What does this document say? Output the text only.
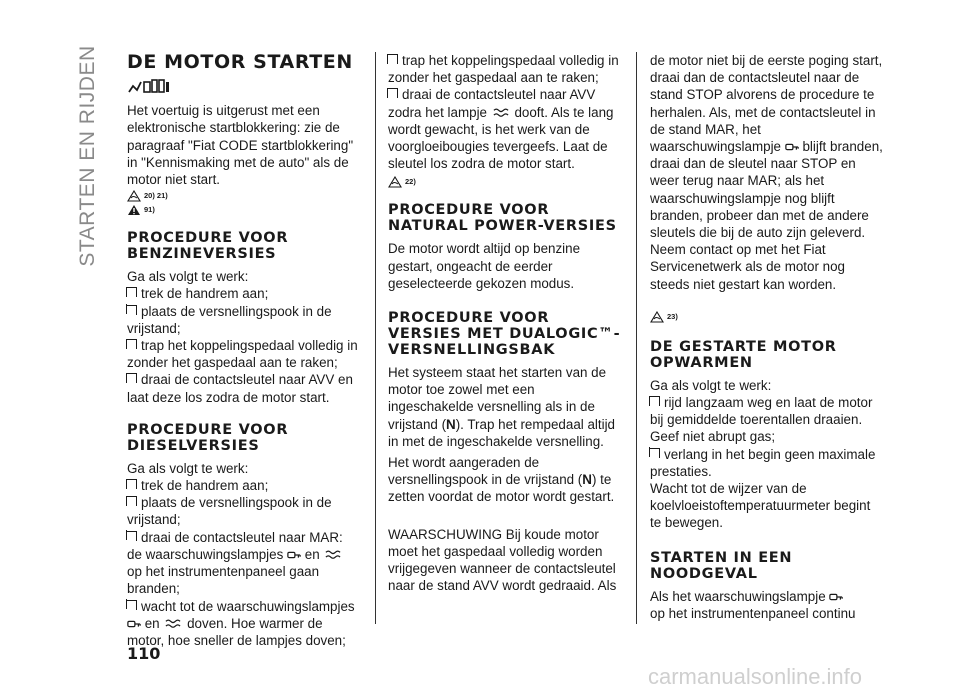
STARTEN EN RIJDEN DE MOTOR STARTEN

Het voertuig is uitgerust met een elektronische startblokkering: zie de paragraaf "Fiat CODE startblokkering" in "Kennismaking met de auto" als de motor niet start.

20) 21)
91)
PROCEDURE VOOR BENZINEVERSIES

Ga als volgt te werk:

trek de handrem aan;

plaats de versnellingspook in de vrijstand;

trap het koppelingspedaal volledig in zonder het gaspedaal aan te raken;

draai de contactsleutel naar AVV en laat deze los zodra de motor start.

PROCEDURE VOOR DIESELVERSIES

Ga als volgt te werk:

trek de handrem aan;

plaats de versnellingspook in de vrijstand;

draai de contactsleutel naar MAR: de waarschuwingslampjes en  op het instrumentenpaneel gaan branden;

wacht tot de waarschuwingslampjes
en doven. Hoe warmer de motor, hoe sneller de lampjes doven;

trap het koppelingspedaal volledig in zonder het gaspedaal aan te raken;

draai de contactsleutel naar AVV zodra het lampje dooft. Als te lang wordt gewacht, is het werk van de voorgloeibougies tevergeefs. Laat de sleutel los zodra de motor start.

22)
PROCEDURE VOOR NATURAL POWER-VERSIES

De motor wordt altijd op benzine gestart, ongeacht de eerder geselecteerde gekozen modus.

PROCEDURE VOOR VERSIES MET DUALOGIC™-VERSNELLINGSBAK

Het systeem staat het starten van de motor toe zowel met een ingeschakelde versnelling als in de vrijstand (N). Trap het rempedaal altijd in met de ingeschakelde versnelling.

Het wordt aangeraden de versnellingspook in de vrijstand (N) te zetten voordat de motor wordt gestart.

WAARSCHUWING Bij koude motor moet het gaspedaal volledig worden vrijgegeven wanneer de contactsleutel naar de stand AVV wordt gedraaid. Als

de motor niet bij de eerste poging start, draai dan de contactsleutel naar de stand STOP alvorens de procedure te herhalen. Als, met de contactsleutel in de stand MAR, het waarschuwingslampje blijft branden, draai dan de sleutel naar STOP en weer terug naar MAR; als het waarschuwingslampje nog blijft branden, probeer dan met de andere sleutels die bij de auto zijn geleverd. Neem contact op met het Fiat Servicenetwerk als de motor nog steeds niet gestart kan worden.

23)
DE GESTARTE MOTOR OPWARMEN

Ga als volgt te werk:

rijd langzaam weg en laat de motor bij gemiddelde toerentallen draaien. Geef niet abrupt gas;

verlang in het begin geen maximale prestaties.

Wacht tot de wijzer van de koelvloeistoftemperatuurmeter begint te bewegen.

STARTEN IN EEN NOODGEVAL

Als het waarschuwingslampje
op het instrumentenpaneel continu

110
carmanualsonline.info
